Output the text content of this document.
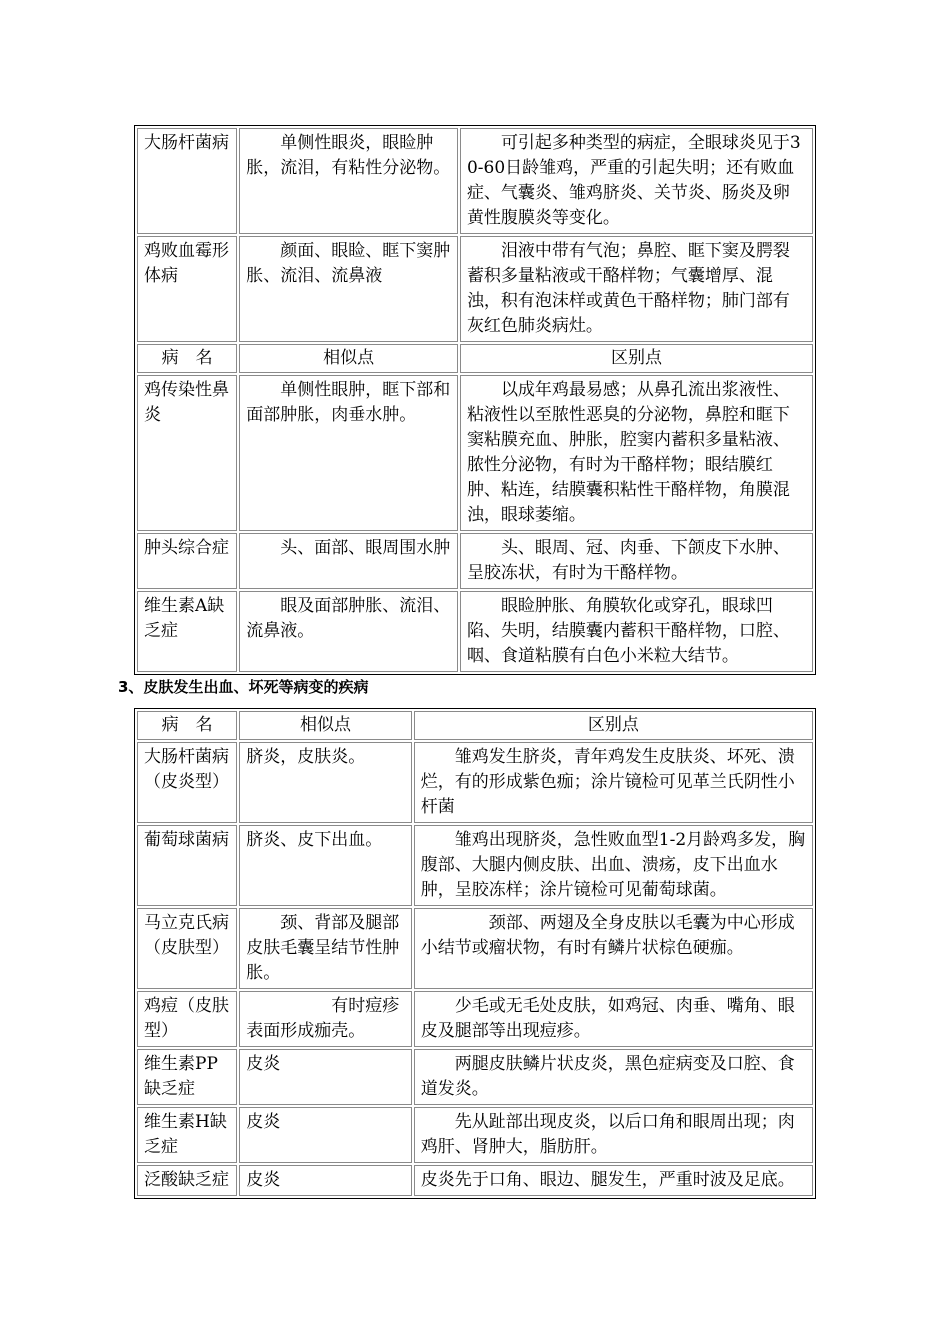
大肠杆菌病	单侧性眼炎，眼睑肿胀，流泪，有粘性分泌物。	可引起多种类型的病症，全眼球炎见于30-60日龄雏鸡，严重的引起失明；还有败血症、气囊炎、雏鸡脐炎、关节炎、肠炎及卵黄性腹膜炎等变化。
鸡败血霉形体病	颜面、眼睑、眶下窦肿胀、流泪、流鼻液	泪液中带有气泡；鼻腔、眶下窦及腭裂蓄积多量粘液或干酪样物；气囊增厚、混浊，积有泡沫样或黄色干酪样物；肺门部有灰红色肺炎病灶。
病　名	相似点	区别点
鸡传染性鼻炎	单侧性眼肿，眶下部和面部肿胀，肉垂水肿。	以成年鸡最易感；从鼻孔流出浆液性、粘液性以至脓性恶臭的分泌物，鼻腔和眶下窦粘膜充血、肿胀，腔窦内蓄积多量粘液、脓性分泌物，有时为干酪样物；眼结膜红肿、粘连，结膜囊积粘性干酪样物，角膜混浊，眼球萎缩。
肿头综合症	头、面部、眼周围水肿	头、眼周、冠、肉垂、下颌皮下水肿、呈胶冻状，有时为干酪样物。
维生素A缺乏症	眼及面部肿胀、流泪、流鼻液。	眼睑肿胀、角膜软化或穿孔，眼球凹陷、失明，结膜囊内蓄积干酪样物，口腔、咽、食道粘膜有白色小米粒大结节。
3、皮肤发生出血、坏死等病变的疾病
病　名	相似点	区别点
大肠杆菌病（皮炎型）	脐炎，皮肤炎。	雏鸡发生脐炎，青年鸡发生皮肤炎、坏死、溃烂，有的形成紫色痂；涂片镜检可见革兰氏阴性小杆菌
葡萄球菌病	脐炎、皮下出血。	雏鸡出现脐炎，急性败血型1-2月龄鸡多发，胸腹部、大腿内侧皮肤、出血、溃疡，皮下出血水肿，呈胶冻样；涂片镜检可见葡萄球菌。
马立克氏病（皮肤型）	颈、背部及腿部皮肤毛囊呈结节性肿胀。	颈部、两翅及全身皮肤以毛囊为中心形成小结节或瘤状物，有时有鳞片状棕色硬痂。
鸡痘（皮肤型）	有时痘疹表面形成痂壳。	少毛或无毛处皮肤，如鸡冠、肉垂、嘴角、眼皮及腿部等出现痘疹。
维生素PP缺乏症	皮炎	两腿皮肤鳞片状皮炎，黑色症病变及口腔、食道发炎。
维生素H缺乏症	皮炎	先从趾部出现皮炎，以后口角和眼周出现；肉鸡肝、肾肿大，脂肪肝。
泛酸缺乏症	皮炎	皮炎先于口角、眼边、腿发生，严重时波及足底。
